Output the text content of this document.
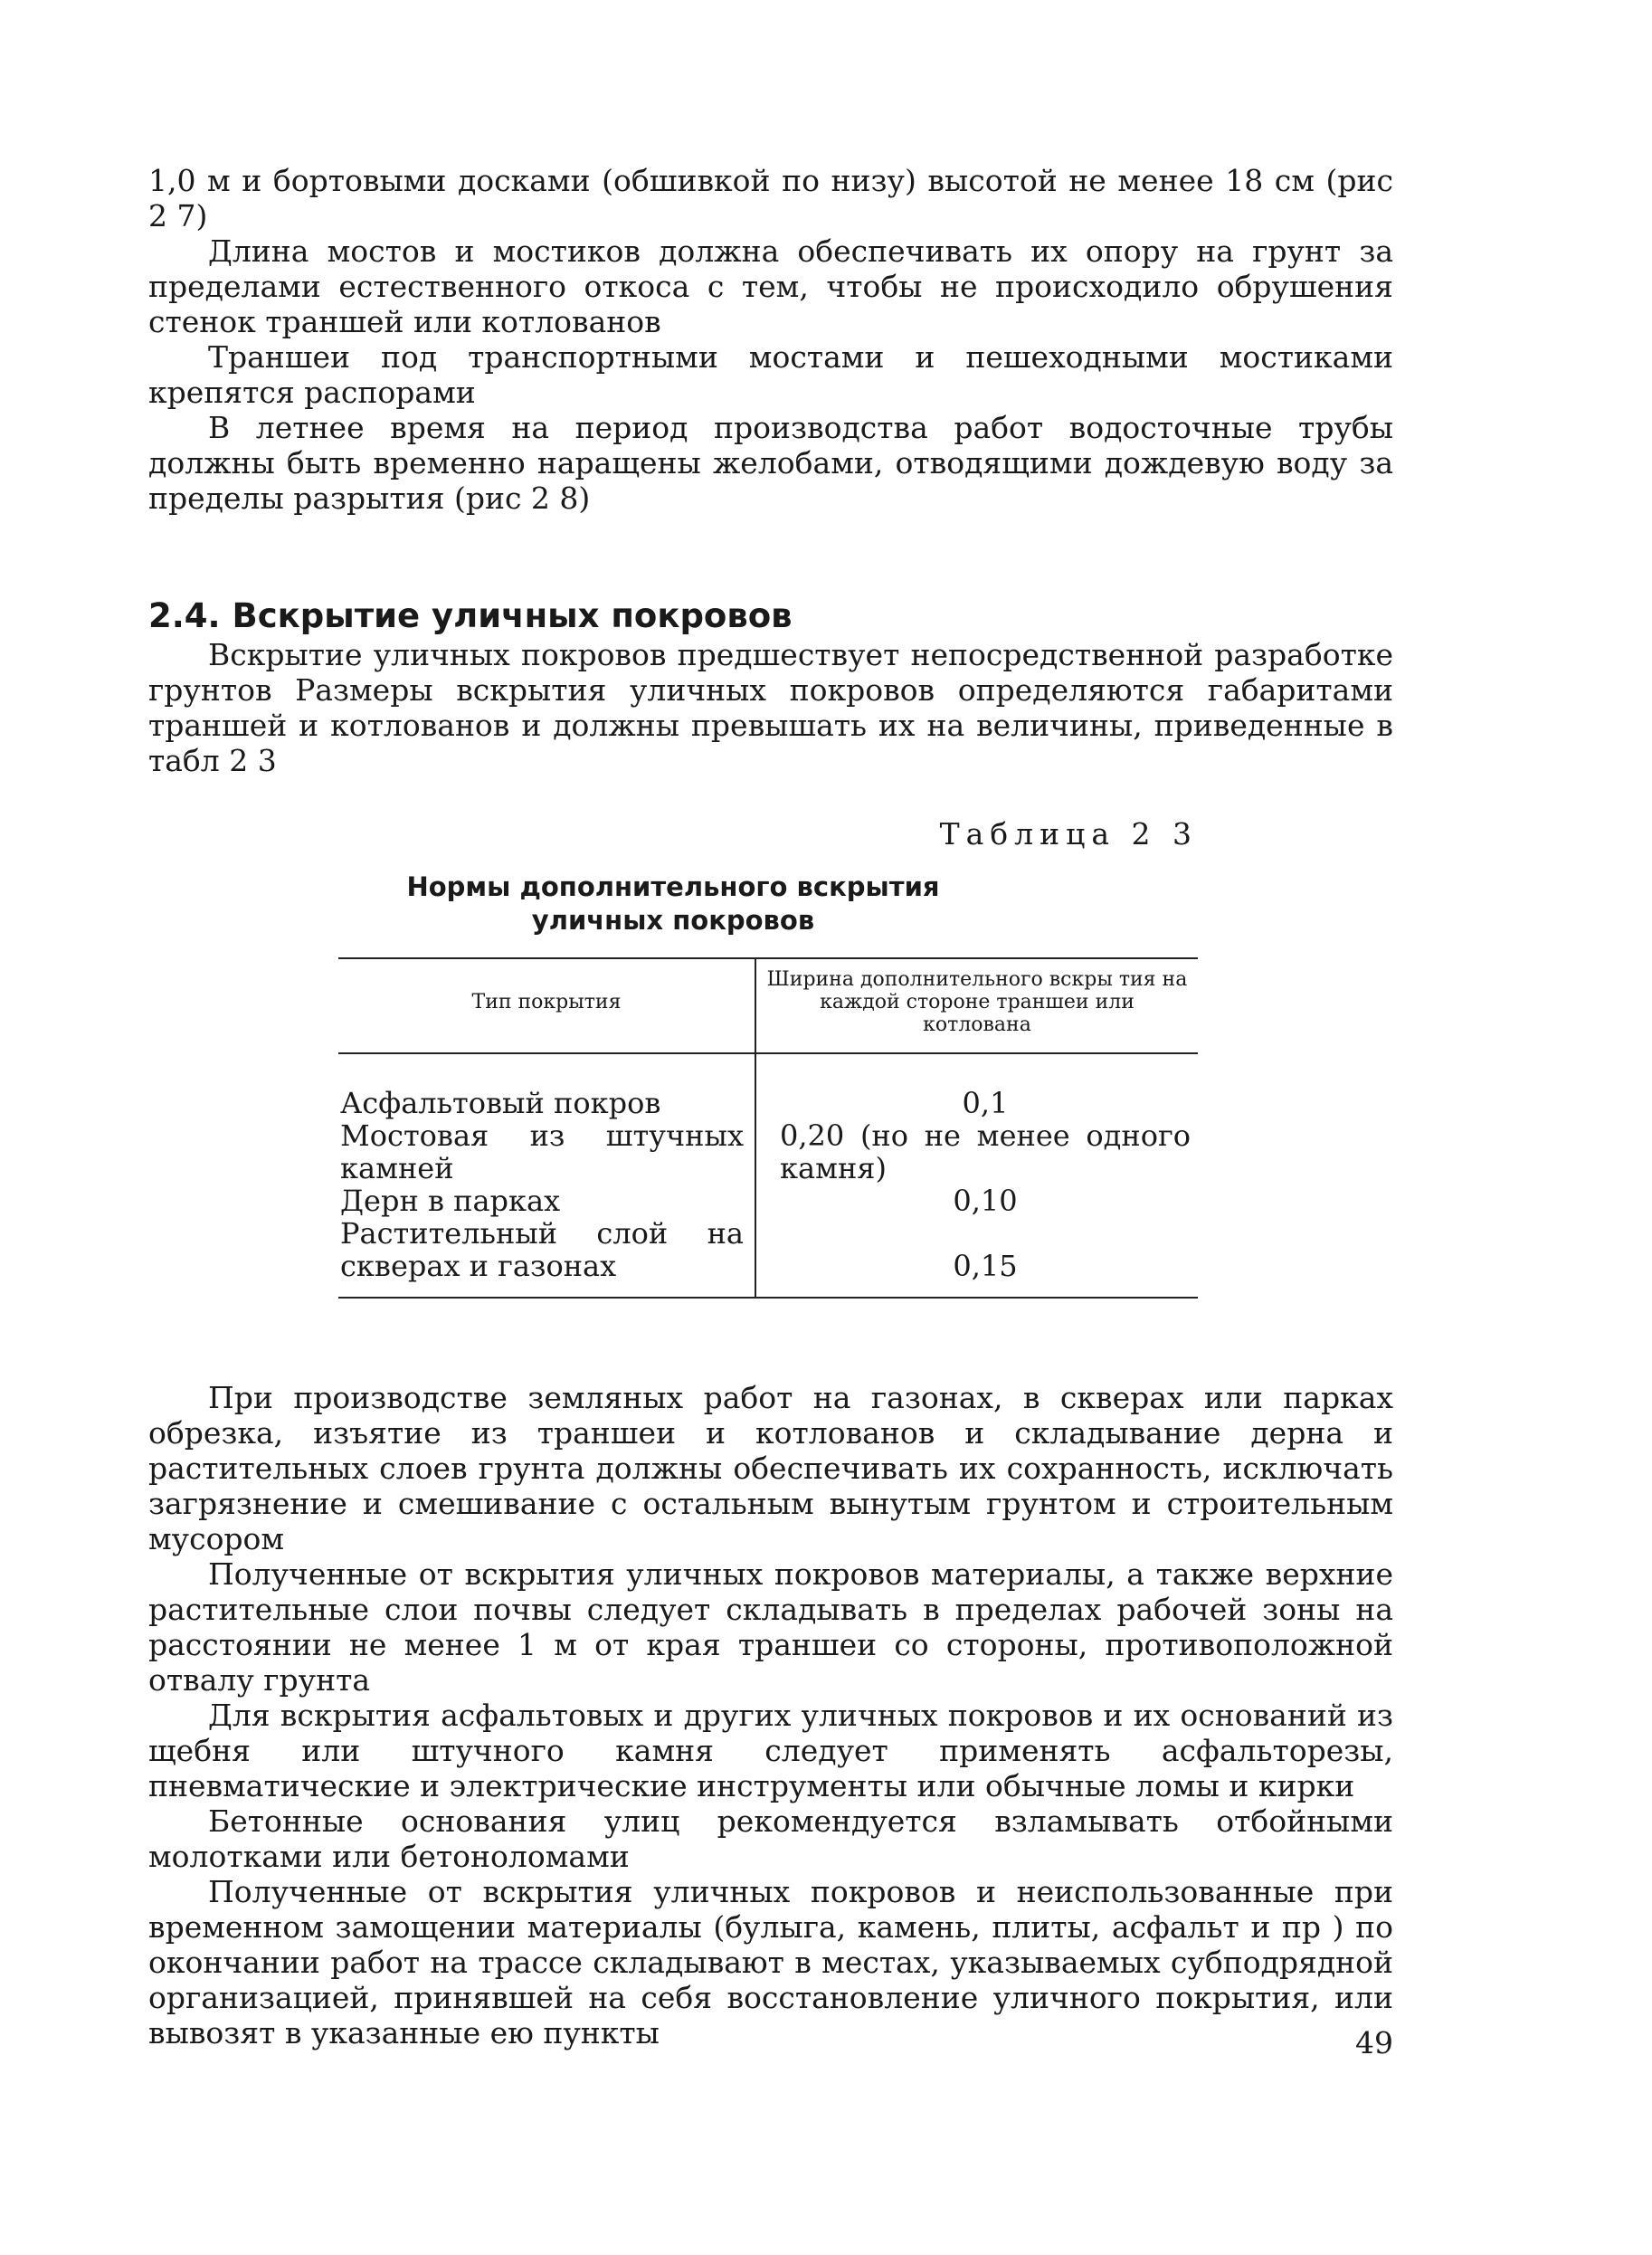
1,0 м и бортовыми досками (обшивкой по низу) высотой не менее 18 см (рис 2 7)

Длина мостов и мостиков должна обеспечивать их опору на грунт за пределами естественного откоса с тем, чтобы не происходило обрушения стенок траншей или котлованов

Траншеи под транспортными мостами и пешеходными мостиками крепятся распорами

В летнее время на период производства работ водосточные трубы должны быть временно наращены желобами, отводящими дождевую воду за пределы разрытия (рис 2 8)

2.4. Вскрытие уличных покровов

Вскрытие уличных покровов предшествует непосредственной разработке грунтов Размеры вскрытия уличных покровов определяются габаритами траншей и котлованов и должны превышать их на величины, приведенные в табл 2 3

Таблица 2 3
Нормы дополнительного вскрытия
уличных покровов
Тип покрытия	Ширина дополнительного вскры тия на каждой стороне траншеи или котлована
Асфальтовый покров	0,1
Мостовая из штучных камней	0,20 (но не менее одного камня)
Дерн в парках	0,10
Растительный слой на скверах и газонах	0,15

При производстве земляных работ на газонах, в скверах или парках обрезка, изъятие из траншеи и котлованов и складывание дерна и растительных слоев грунта должны обеспечивать их сохранность, исключать загрязнение и смешивание с остальным вынутым грунтом и строительным мусором

Полученные от вскрытия уличных покровов материалы, а также верхние растительные слои почвы следует складывать в пределах рабочей зоны на расстоянии не менее 1 м от края траншеи со стороны, противоположной отвалу грунта

Для вскрытия асфальтовых и других уличных покровов и их оснований из щебня или штучного камня следует применять асфальторезы, пневматические и электрические инструменты или обычные ломы и кирки

Бетонные основания улиц рекомендуется взламывать отбойными молотками или бетоноломами

Полученные от вскрытия уличных покровов и неиспользованные при временном замощении материалы (булыга, камень, плиты, асфальт и пр ) по окончании работ на трассе складывают в местах, указываемых субподрядной организацией, принявшей на себя восстановление уличного покрытия, или вывозят в указанные ею пункты	49
